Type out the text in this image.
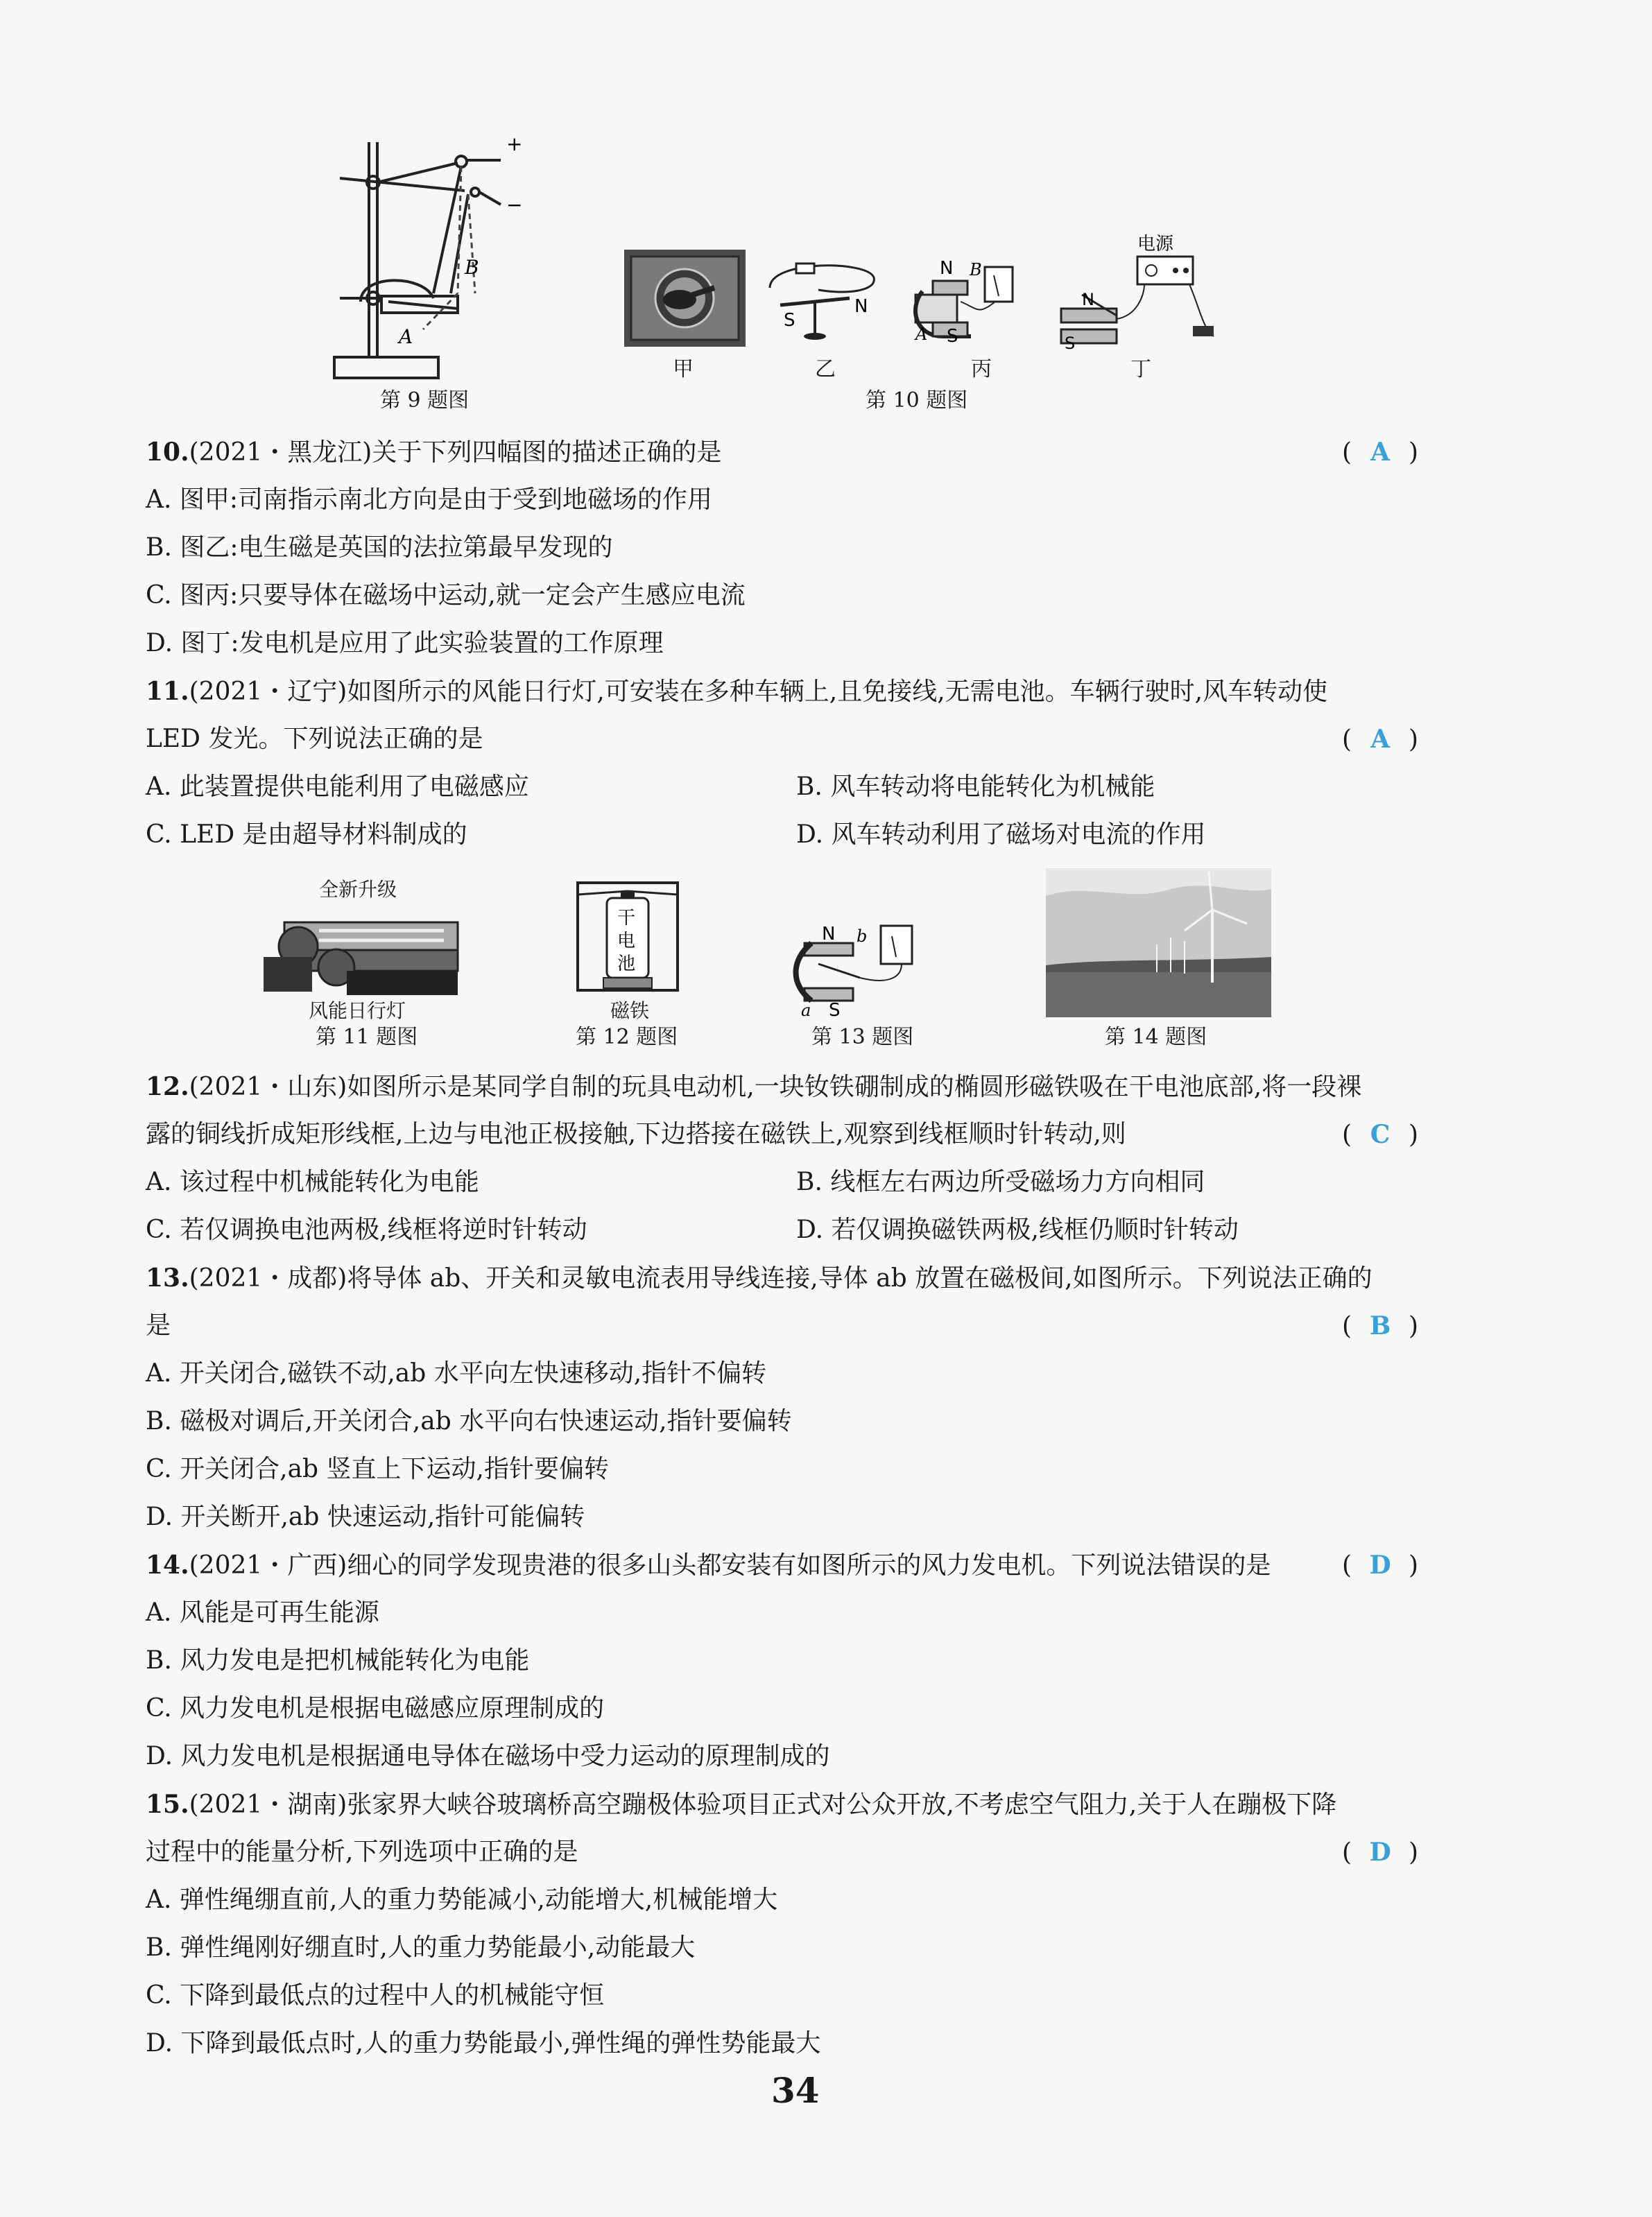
+
−
A
B
第 9 题图
S
N
N B
A S
电源
N
S
甲	乙	丙	丁
第 10 题图
10.(2021・黑龙江)关于下列四幅图的描述正确的是	( A )
A. 图甲:司南指示南北方向是由于受到地磁场的作用
B. 图乙:电生磁是英国的法拉第最早发现的
C. 图丙:只要导体在磁场中运动,就一定会产生感应电流
D. 图丁:发电机是应用了此实验装置的工作原理
11.(2021・辽宁)如图所示的风能日行灯,可安装在多种车辆上,且免接线,无需电池。车辆行驶时,风车转动使
LED 发光。下列说法正确的是	( A )
A. 此装置提供电能利用了电磁感应	B. 风车转动将电能转化为机械能
C. LED 是由超导材料制成的	D. 风车转动利用了磁场对电流的作用
全新升级
风能日行灯
第 11 题图
干
电
池
磁铁
第 12 题图
N b
a S
第 13 题图	第 14 题图
12.(2021・山东)如图所示是某同学自制的玩具电动机,一块钕铁硼制成的椭圆形磁铁吸在干电池底部,将一段裸
露的铜线折成矩形线框,上边与电池正极接触,下边搭接在磁铁上,观察到线框顺时针转动,则	( C )
A. 该过程中机械能转化为电能	B. 线框左右两边所受磁场力方向相同
C. 若仅调换电池两极,线框将逆时针转动	D. 若仅调换磁铁两极,线框仍顺时针转动
13.(2021・成都)将导体 ab、开关和灵敏电流表用导线连接,导体 ab 放置在磁极间,如图所示。下列说法正确的
是	( B )
A. 开关闭合,磁铁不动,ab 水平向左快速移动,指针不偏转
B. 磁极对调后,开关闭合,ab 水平向右快速运动,指针要偏转
C. 开关闭合,ab 竖直上下运动,指针要偏转
D. 开关断开,ab 快速运动,指针可能偏转
14.(2021・广西)细心的同学发现贵港的很多山头都安装有如图所示的风力发电机。下列说法错误的是	( D )
A. 风能是可再生能源
B. 风力发电是把机械能转化为电能
C. 风力发电机是根据电磁感应原理制成的
D. 风力发电机是根据通电导体在磁场中受力运动的原理制成的
15.(2021・湖南)张家界大峡谷玻璃桥高空蹦极体验项目正式对公众开放,不考虑空气阻力,关于人在蹦极下降
过程中的能量分析,下列选项中正确的是	( D )
A. 弹性绳绷直前,人的重力势能减小,动能增大,机械能增大
B. 弹性绳刚好绷直时,人的重力势能最小,动能最大
C. 下降到最低点的过程中人的机械能守恒
D. 下降到最低点时,人的重力势能最小,弹性绳的弹性势能最大
34
